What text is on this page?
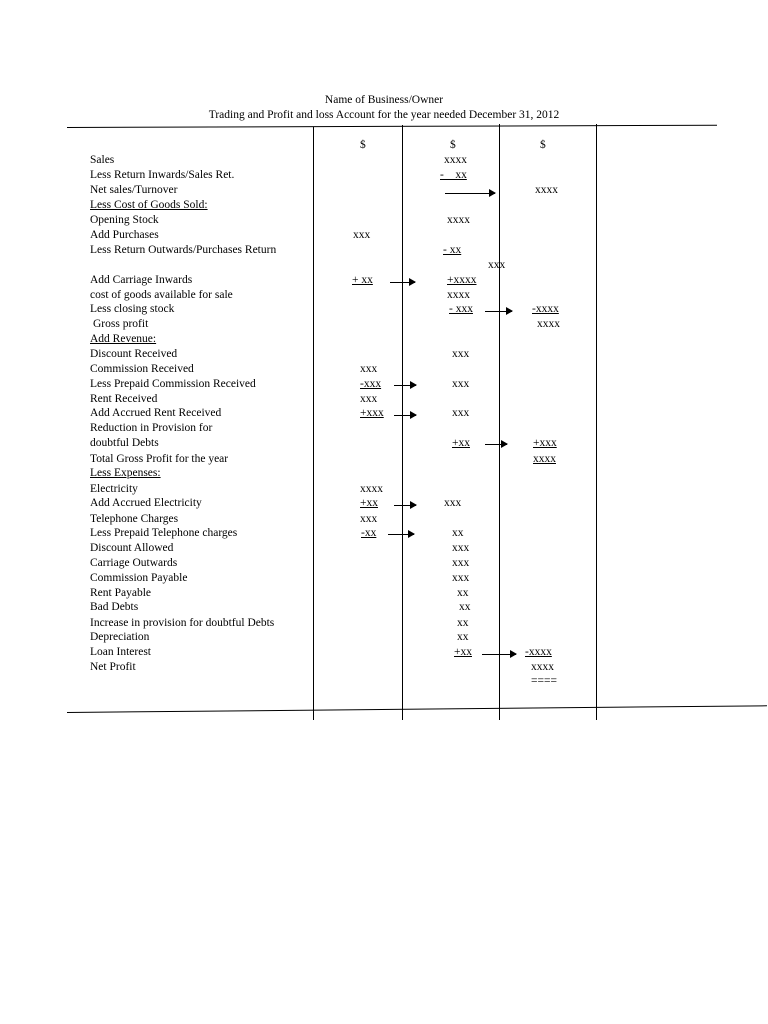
Name of Business/Owner
Trading and Profit and loss Account for the year needed December 31, 2012
$	$	$
Sales
Less Return Inwards/Sales Ret.
Net sales/Turnover
Less Cost of Goods Sold:
Opening Stock
Add Purchases
Less Return Outwards/Purchases Return
Add Carriage Inwards
cost of goods available for sale
Less closing stock
Gross profit
Add Revenue:
Discount Received
Commission Received
Less Prepaid Commission Received
Rent Received
Add Accrued Rent Received
Reduction in Provision for
doubtful Debts
Total Gross Profit for the year
Less Expenses:
Electricity
Add Accrued Electricity
Telephone Charges
Less Prepaid Telephone charges
Discount Allowed
Carriage Outwards
Commission Payable
Rent Payable
Bad Debts
Increase in provision for doubtful Debts
Depreciation
Loan Interest
Net Profit
xxx
+ xx
xxx
-xxx
xxx
+xxx
xxxx
+xx
xxx
-xx
xxxx
-    xx
xxxx
- xx
xxx
+xxxx
xxxx
- xxx
xxx
xxx
xxx
+xx
xxx
xx
xxx
xxx
xxx
xx
xx
xx
xx
+xx
xxxx
-xxxx
xxxx
+xxx
xxxx
-xxxx
xxxx
====
